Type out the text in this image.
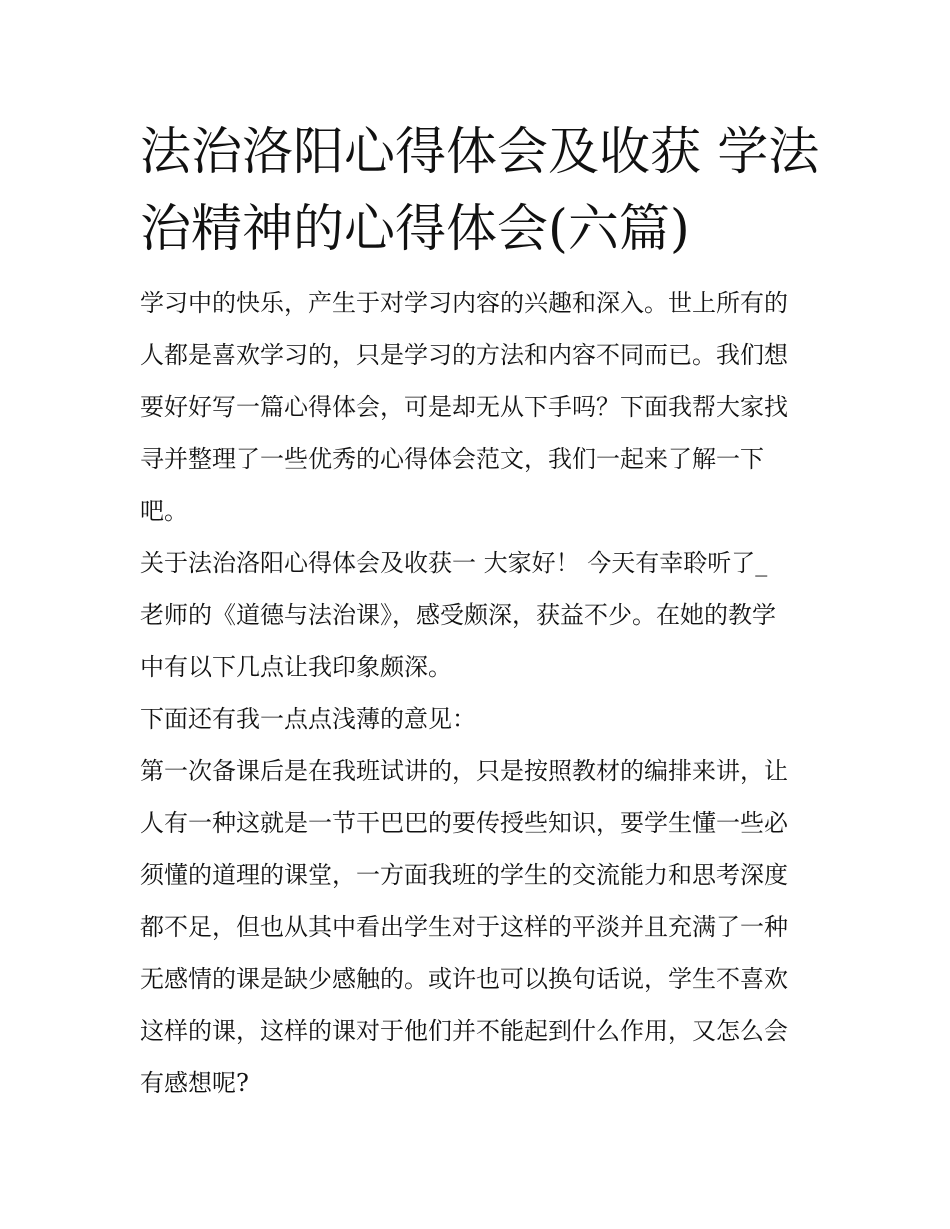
法治洛阳心得体会及收获 学法
治精神的心得体会(六篇)

学习中的快乐，产生于对学习内容的兴趣和深入。世上所有的
人都是喜欢学习的，只是学习的方法和内容不同而已。我们想
要好好写一篇心得体会，可是却无从下手吗？下面我帮大家找
寻并整理了一些优秀的心得体会范文，我们一起来了解一下
吧。

关于法治洛阳心得体会及收获一 大家好！ 今天有幸聆听了_
老师的《道德与法治课》，感受颇深，获益不少。在她的教学
中有以下几点让我印象颇深。

下面还有我一点点浅薄的意见：

第一次备课后是在我班试讲的，只是按照教材的编排来讲，让
人有一种这就是一节干巴巴的要传授些知识，要学生懂一些必
须懂的道理的课堂，一方面我班的学生的交流能力和思考深度
都不足，但也从其中看出学生对于这样的平淡并且充满了一种
无感情的课是缺少感触的。或许也可以换句话说，学生不喜欢
这样的课，这样的课对于他们并不能起到什么作用，又怎么会
有感想呢?
